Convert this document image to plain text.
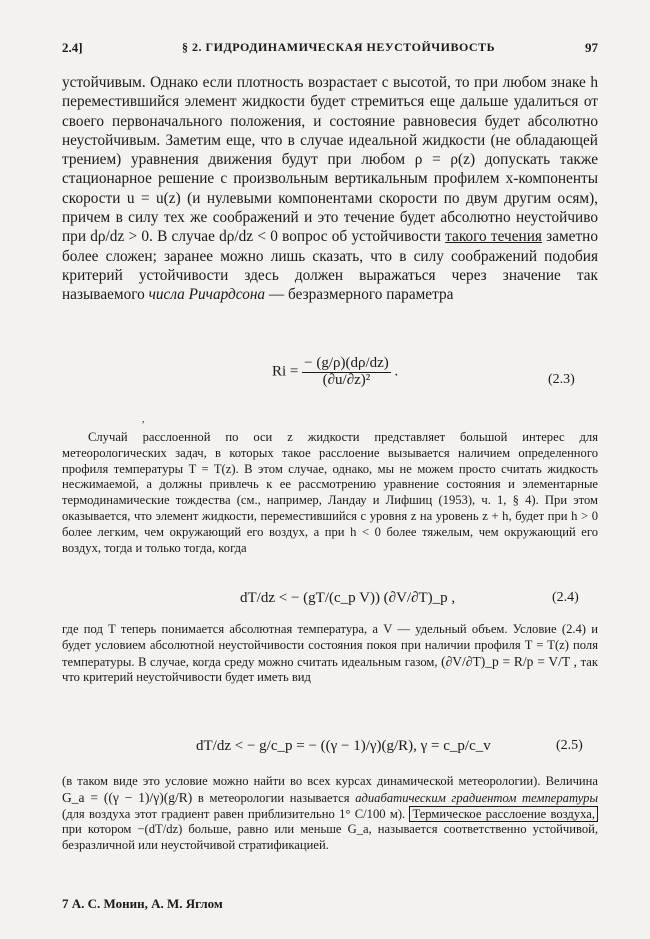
2.4]	§ 2. ГИДРОДИНАМИЧЕСКАЯ НЕУСТОЙЧИВОСТЬ	97

устойчивым. Однако если плотность возрастает с высотой, то при любом знаке h переместившийся элемент жидкости будет стремиться еще дальше удалиться от своего первоначального положения, и состояние равновесия будет абсолютно неустойчивым. Заметим еще, что в случае идеальной жидкости (не обладающей трением) уравнения движения будут при любом ρ = ρ(z) допускать также стационарное решение с произвольным вертикальным профилем x-компоненты скорости u = u(z) (и нулевыми компонентами скорости по двум другим осям), причем в силу тех же соображений и это течение будет абсолютно неустойчиво при dρ/dz > 0. В случае dρ/dz < 0 вопрос об устойчивости такого течения заметно более сложен; заранее можно лишь сказать, что в силу соображений подобия критерий устойчивости здесь должен выражаться через значение так называемого числа Ричардсона — безразмерного параметра

$Ri = \frac{- (g/\rho)(d\rho/dz)}{\text{(∂u/∂z)²}}$ .	(2.3)
,

Случай расслоенной по оси z жидкости представляет большой интерес для метеорологических задач, в которых такое расслоение вызывается наличием определенного профиля температуры T = T(z). В этом случае, однако, мы не можем просто считать жидкость несжимаемой, а должны привлечь к ее рассмотрению уравнение состояния и элементарные термодинамические тождества (см., например, Ландау и Лифшиц (1953), ч. 1, § 4). При этом оказывается, что элемент жидкости, переместившийся с уровня z на уровень z + h, будет при h > 0 более легким, чем окружающий его воздух, а при h < 0 более тяжелым, чем окружающий его воздух, тогда и только тогда, когда

dT/dz < − (gT/(c_p V)) (∂V/∂T)_p ,	(2.4)

где под T теперь понимается абсолютная температура, а V — удельный объем. Условие (2.4) и будет условием абсолютной неустойчивости состояния покоя при наличии профиля T = T(z) поля температуры. В случае, когда среду можно считать идеальным газом, (∂V/∂T)_p = R/p = V/T , так что критерий неустойчивости будет иметь вид

dT/dz < − g/c_p = − ((γ − 1)/γ)(g/R), γ = c_p/c_v	(2.5)

(в таком виде это условие можно найти во всех курсах динамической метеорологии). Величина G_a = ((γ − 1)/γ)(g/R) в метеорологии называется адиабатическим градиентом температуры (для воздуха этот градиент равен приблизительно 1° C/100 м). Термическое расслоение воздуха, при котором −(dT/dz) больше, равно или меньше G_a, называется соответственно устойчивой, безразличной или неустойчивой стратификацией.

7 А. С. Монин, А. М. Яглом
